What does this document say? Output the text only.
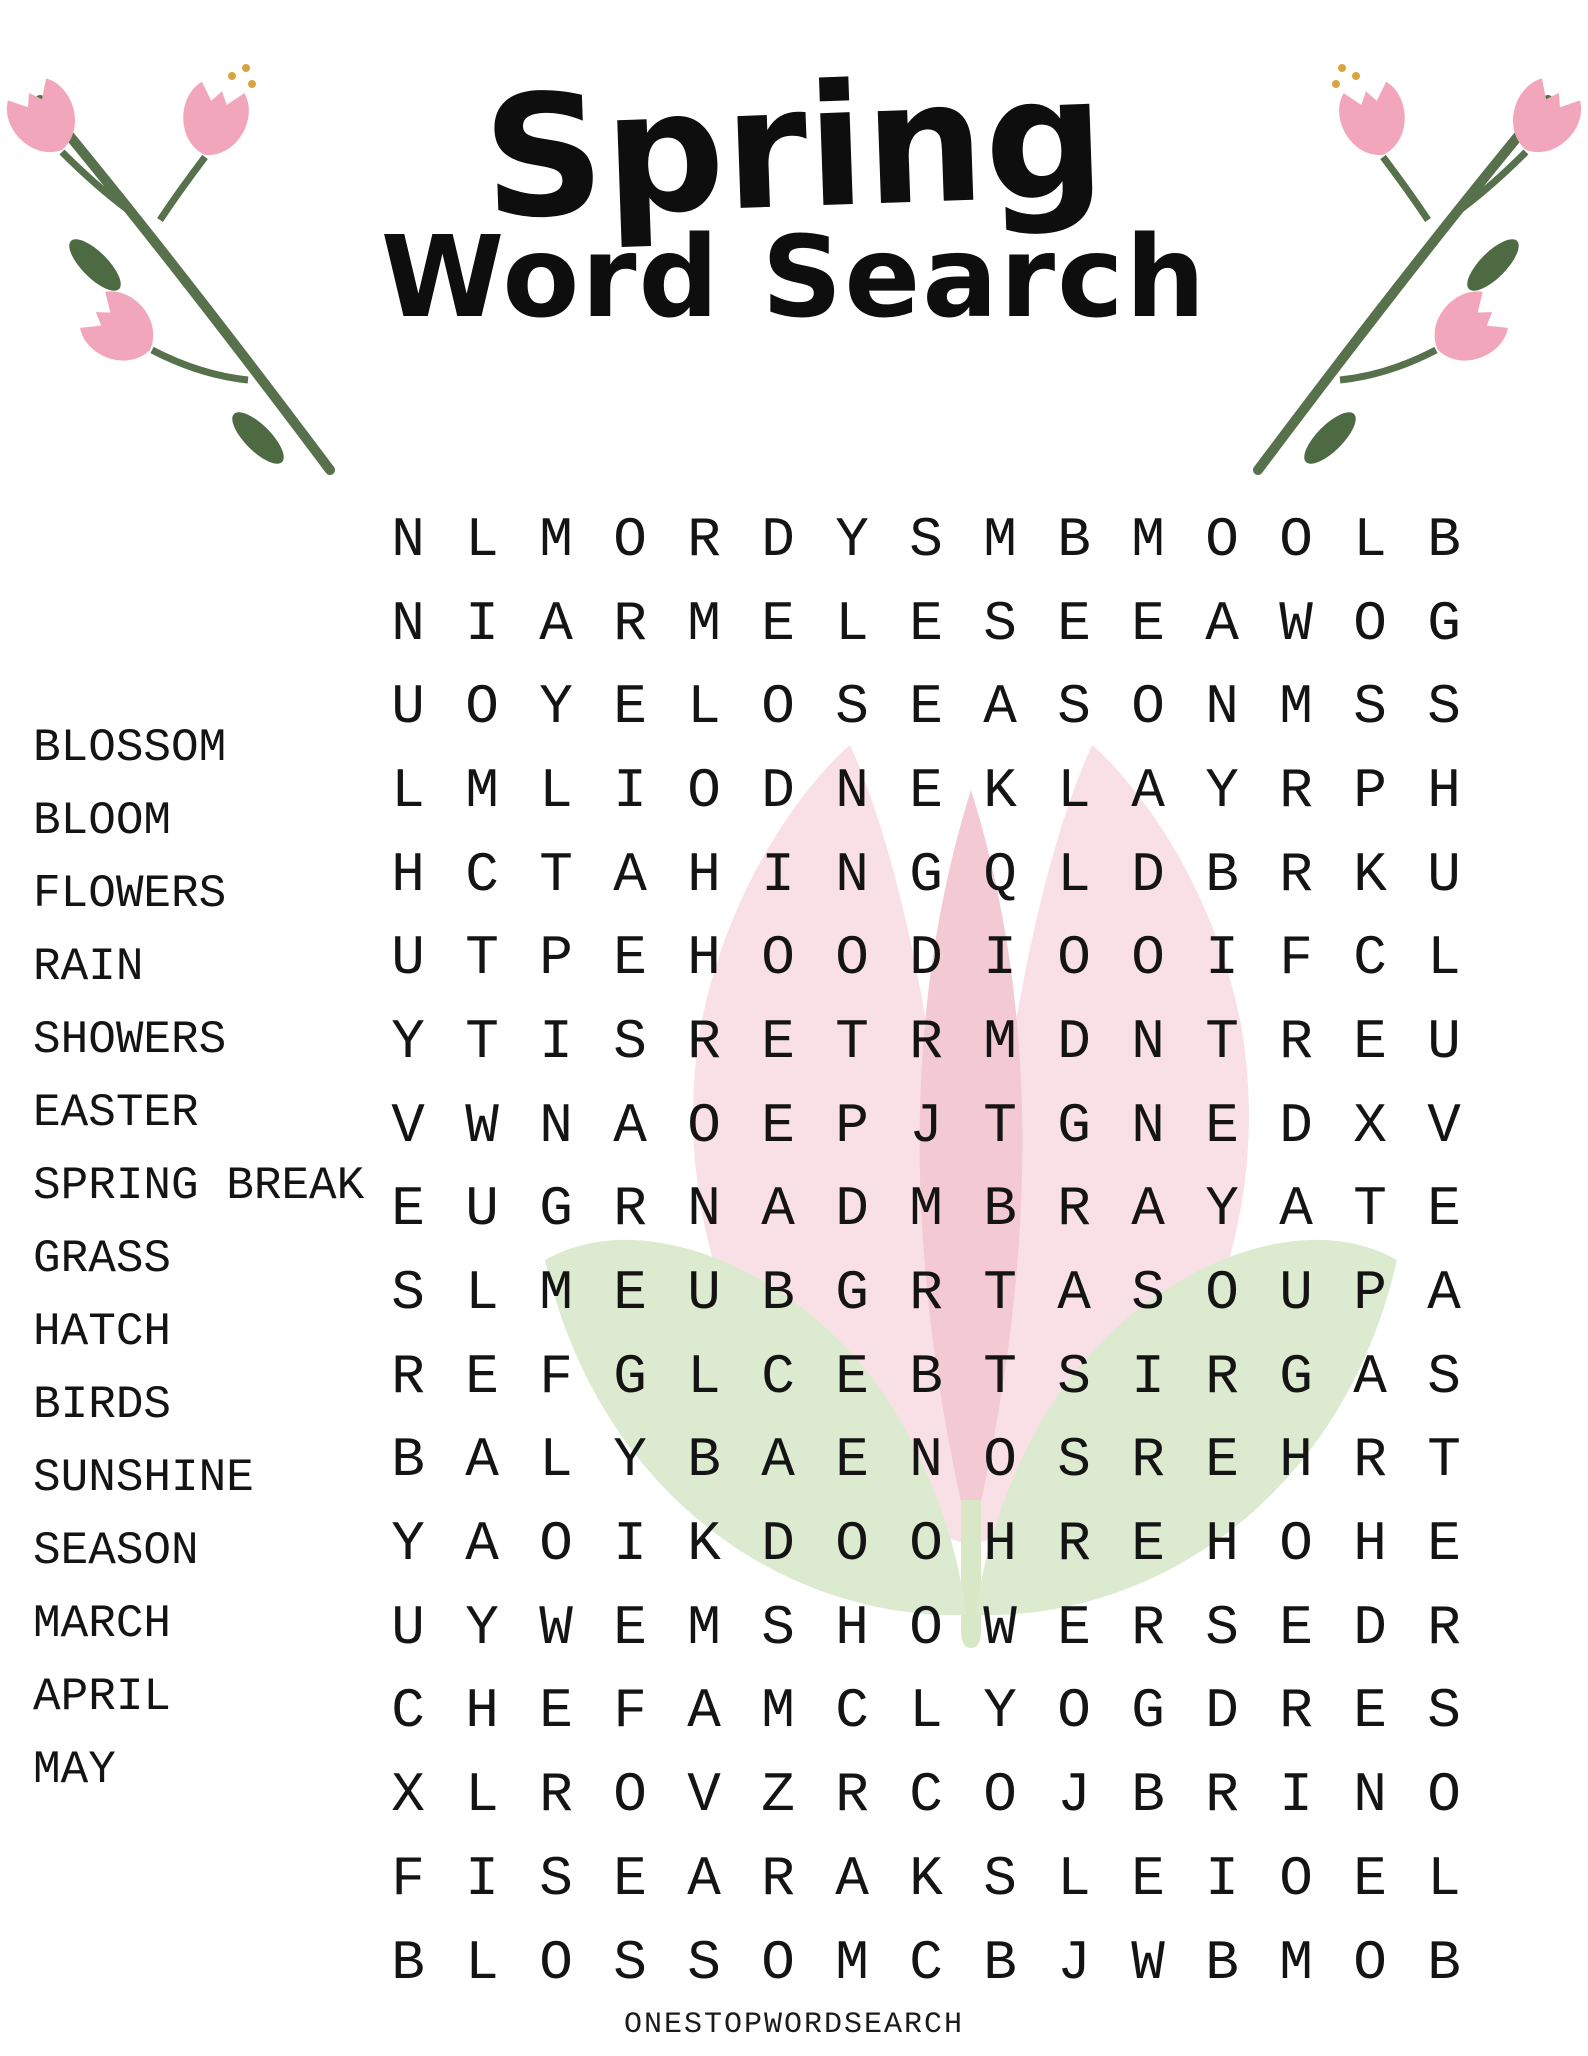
Spring
Word Search
BLOSSOM
BLOOM
FLOWERS
RAIN
SHOWERS
EASTER
SPRING BREAK
GRASS
HATCH
BIRDS
SUNSHINE
SEASON
MARCH
APRIL
MAY
N L M O R D Y S M B M O O L B
N I A R M E L E S E E A W O G
U O Y E L O S E A S O N M S S
L M L I O D N E K L A Y R P H
H C T A H I N G Q L D B R K U
U T P E H O O D I O O I F C L
Y T I S R E T R M D N T R E U
V W N A O E P J T G N E D X V
E U G R N A D M B R A Y A T E
S L M E U B G R T A S O U P A
R E F G L C E B T S I R G A S
B A L Y B A E N O S R E H R T
Y A O I K D O O H R E H O H E
U Y W E M S H O W E R S E D R
C H E F A M C L Y O G D R E S
X L R O V Z R C O J B R I N O
F I S E A R A K S L E I O E L
B L O S S O M C B J W B M O B
ONESTOPWORDSEARCH
